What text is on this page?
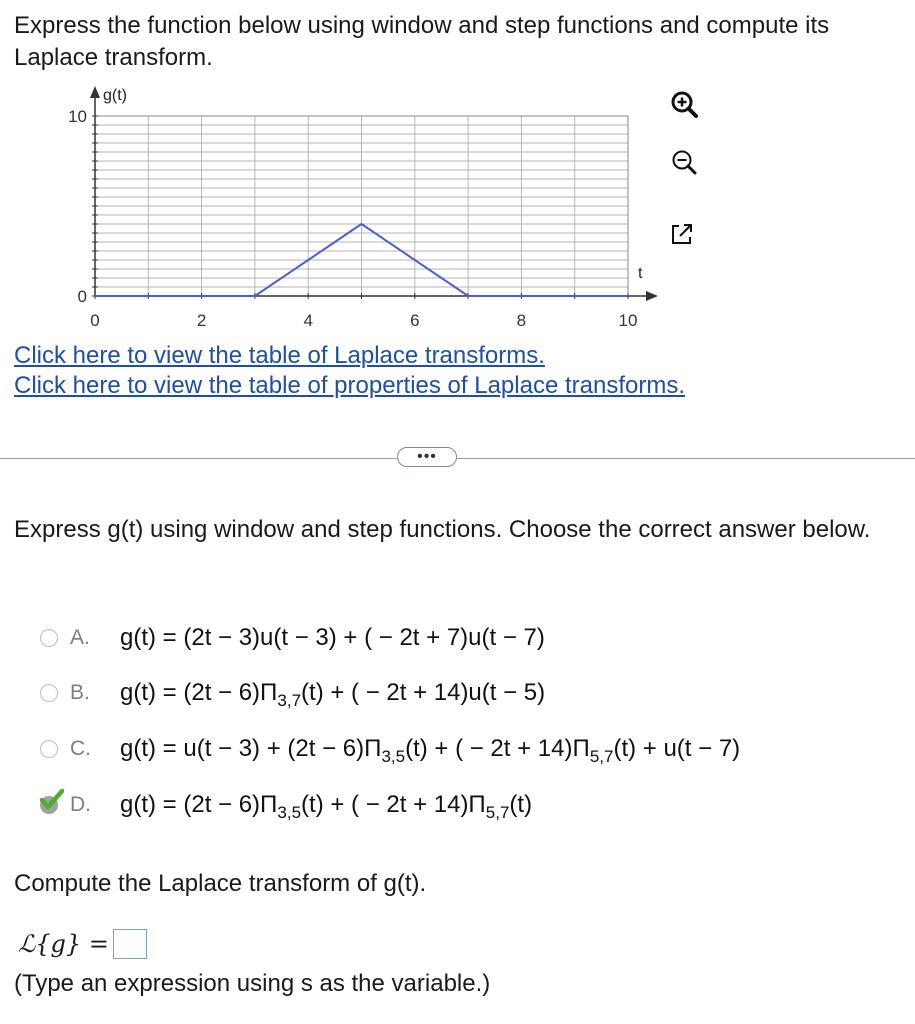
Express the function below using window and step functions and compute its Laplace transform.
0	2	4	6	8	10
10
0
g(t)
t
Click here to view the table of Laplace transforms.
Click here to view the table of properties of Laplace transforms.
•••
Express g(t) using window and step functions. Choose the correct answer below.
A.	g(t) = (2t − 3)u(t − 3) + ( − 2t + 7)u(t − 7)
B.	$g(t) = (2t - 6)\Pi_{3,7}(t)$ + ( − 2t + 14)u(t − 5)
C.	$g(t) = u(t - 3) + (2t - 6)\Pi_{3,5}(t)$ + ( − $2t + 14)\Pi_{5,7}(t) + u(t - 7)$
D.	$g(t) = (2t - 6)\Pi_{3,5}(t)$ + ( − $2t + 14)\Pi_{5,7}(t)$
Compute the Laplace transform of g(t).
ℒ{g} =
(Type an expression using s as the variable.)
